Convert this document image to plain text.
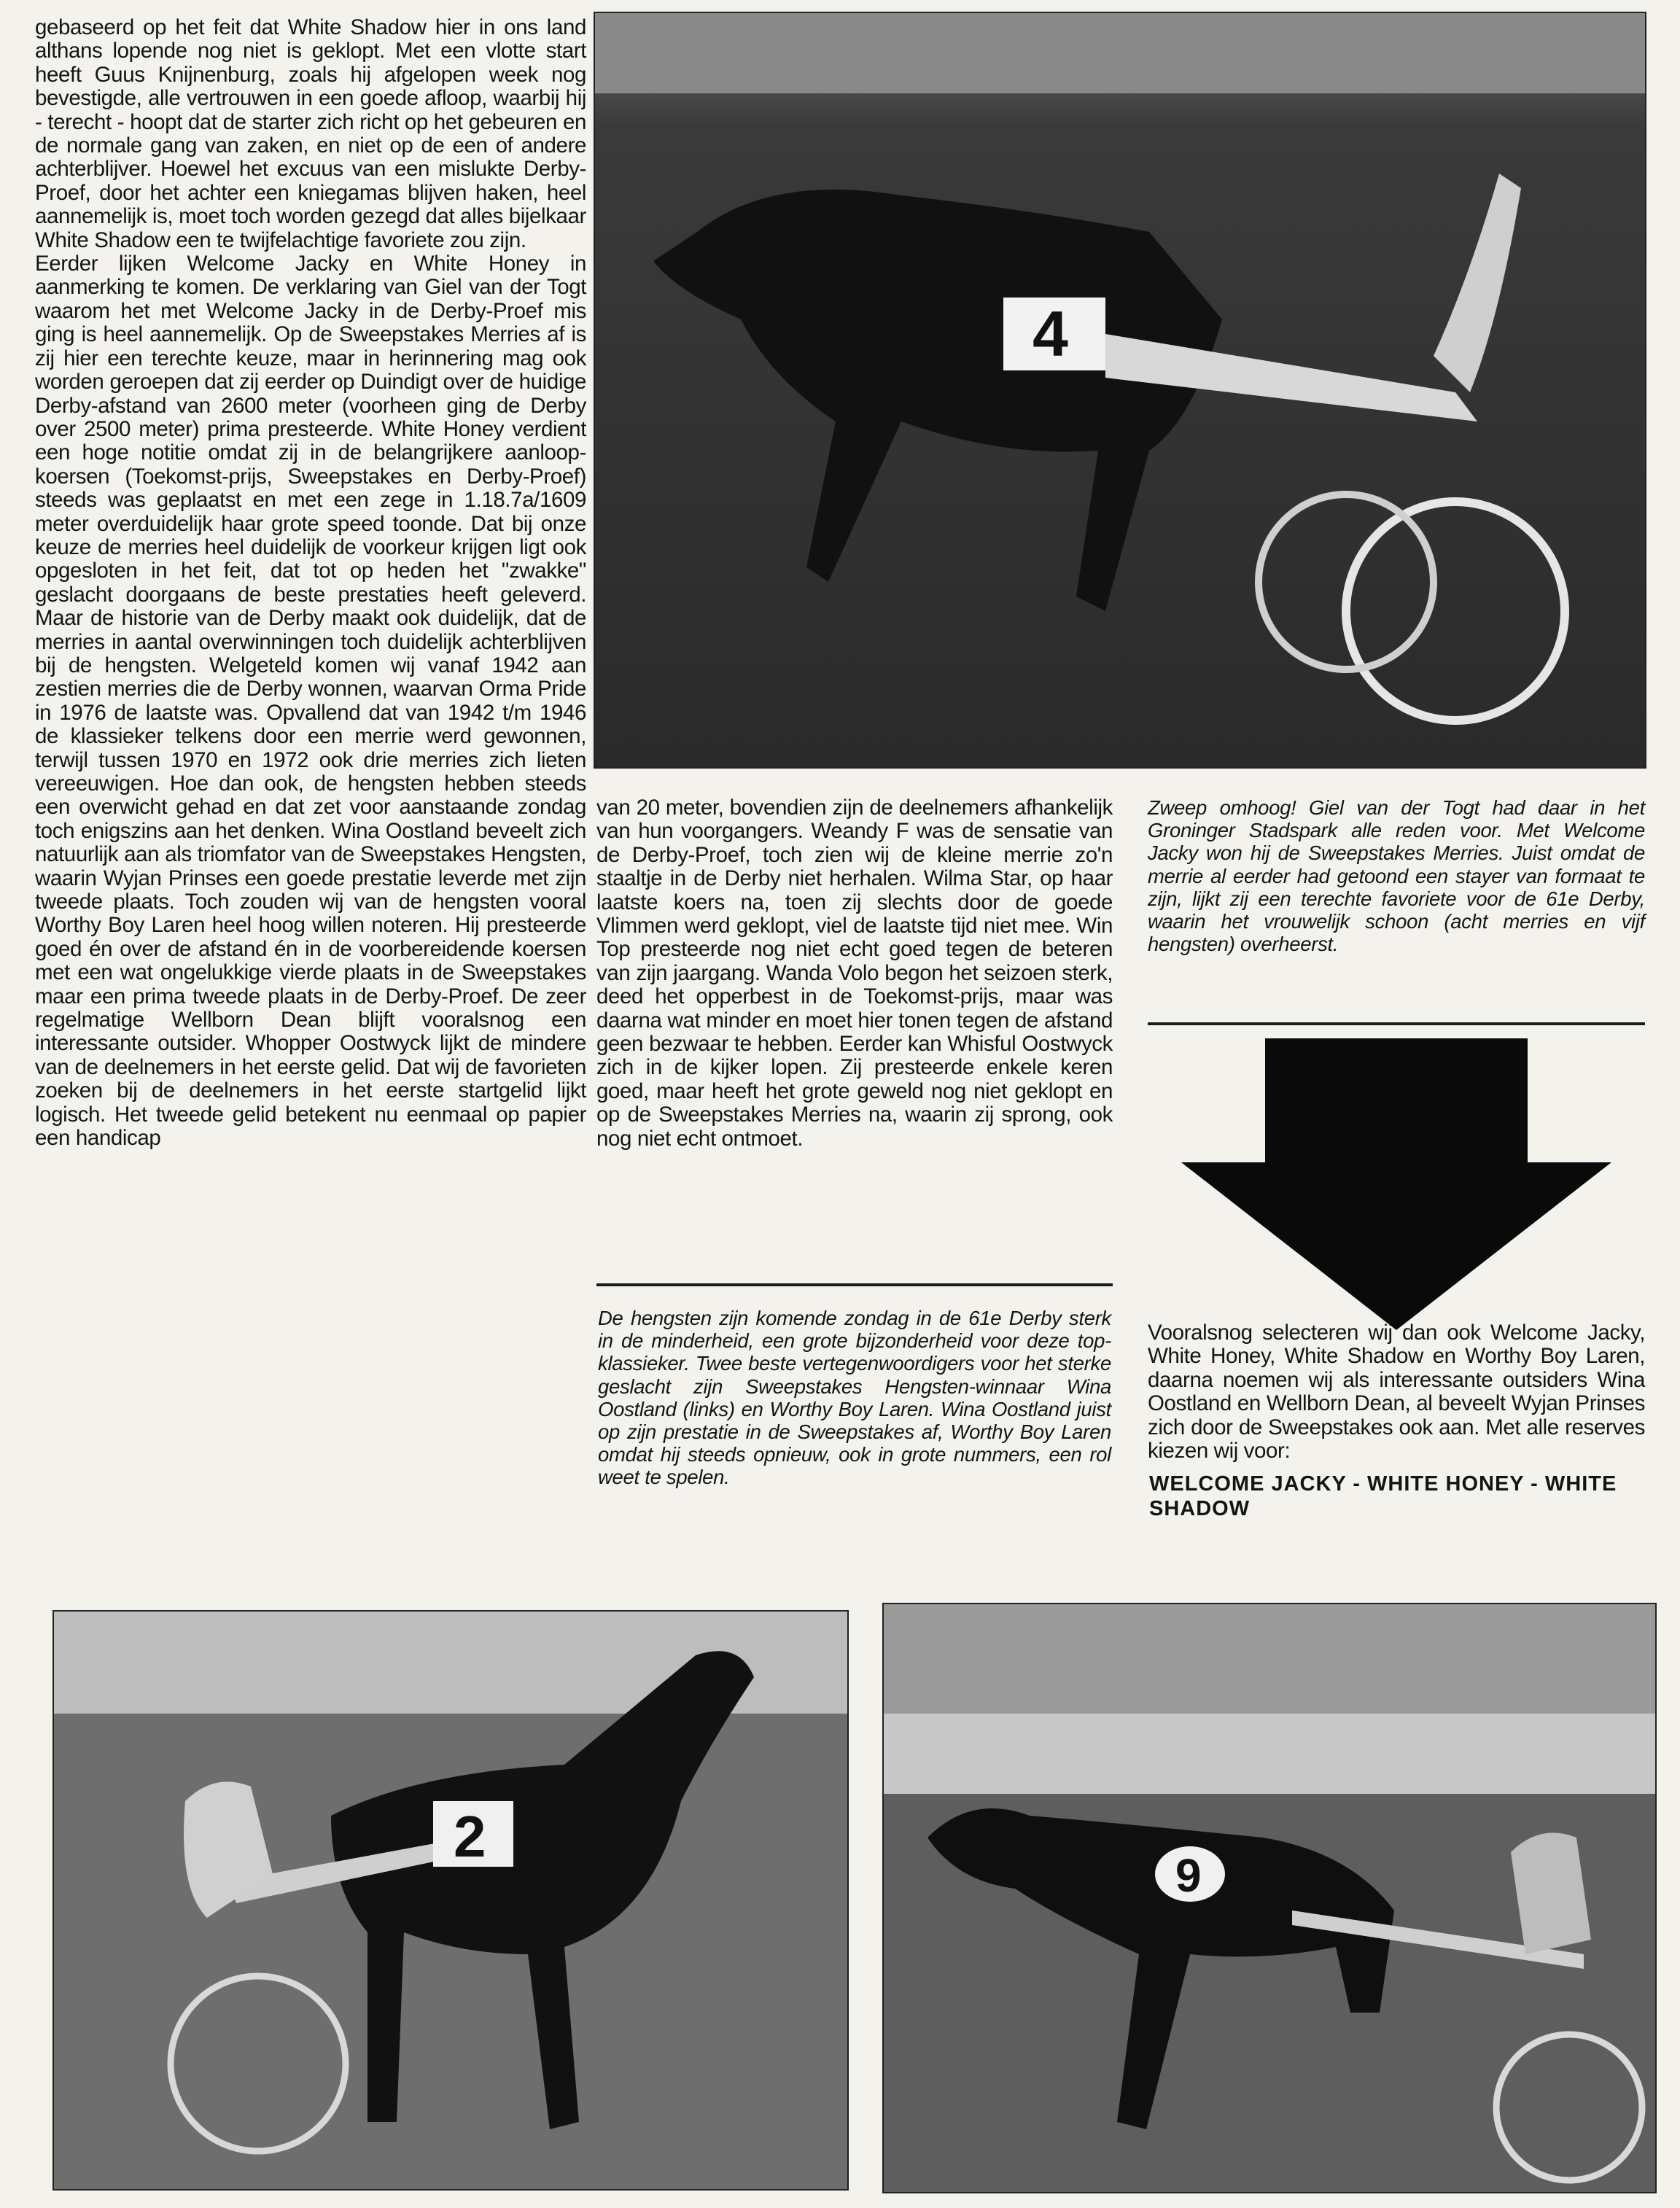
gebaseerd op het feit dat White Shadow hier in ons land althans lopende nog niet is geklopt. Met een vlotte start heeft Guus Knijnenburg, zoals hij afgelopen week nog bevestigde, alle vertrouwen in een goede afloop, waarbij hij - terecht - hoopt dat de starter zich richt op het gebeuren en de normale gang van zaken, en niet op de een of andere achterblijver. Hoewel het excuus van een mislukte Derby-Proef, door het achter een kniegamas blijven haken, heel aannemelijk is, moet toch worden gezegd dat alles bijelkaar White Shadow een te twijfelachtige favoriete zou zijn.

Eerder lijken Welcome Jacky en White Honey in aanmerking te komen. De verklaring van Giel van der Togt waarom het met Welcome Jacky in de Derby-Proef mis ging is heel aannemelijk. Op de Sweepstakes Merries af is zij hier een terechte keuze, maar in herinnering mag ook worden geroepen dat zij eerder op Duindigt over de huidige Derby-afstand van 2600 meter (voorheen ging de Derby over 2500 meter) prima presteerde. White Honey verdient een hoge notitie omdat zij in de belangrijkere aanloop-koersen (Toekomst-prijs, Sweepstakes en Derby-Proef) steeds was geplaatst en met een zege in 1.18.7a/1609 meter overduidelijk haar grote speed toonde. Dat bij onze keuze de merries heel duidelijk de voorkeur krijgen ligt ook opgesloten in het feit, dat tot op heden het "zwakke" geslacht doorgaans de beste prestaties heeft geleverd. Maar de historie van de Derby maakt ook duidelijk, dat de merries in aantal overwinningen toch duidelijk achterblijven bij de hengsten. Welgeteld komen wij vanaf 1942 aan zestien merries die de Derby wonnen, waarvan Orma Pride in 1976 de laatste was. Opvallend dat van 1942 t/m 1946 de klassieker telkens door een merrie werd gewonnen, terwijl tussen 1970 en 1972 ook drie merries zich lieten vereeuwigen. Hoe dan ook, de hengsten hebben steeds een overwicht gehad en dat zet voor aanstaande zondag toch enigszins aan het denken. Wina Oostland beveelt zich natuurlijk aan als triomfator van de Sweepstakes Hengsten, waarin Wyjan Prinses een goede prestatie leverde met zijn tweede plaats. Toch zouden wij van de hengsten vooral Worthy Boy Laren heel hoog willen noteren. Hij presteerde goed én over de afstand én in de voorbereidende koersen met een wat ongelukkige vierde plaats in de Sweepstakes maar een prima tweede plaats in de Derby-Proef. De zeer regelmatige Wellborn Dean blijft vooralsnog een interessante outsider. Whopper Oostwyck lijkt de mindere van de deelnemers in het eerste gelid. Dat wij de favorieten zoeken bij de deelnemers in het eerste startgelid lijkt logisch. Het tweede gelid betekent nu eenmaal op papier een handicap

4
van 20 meter, bovendien zijn de deelnemers afhankelijk van hun voorgangers. Weandy F was de sensatie van de Derby-Proef, toch zien wij de kleine merrie zo'n staaltje in de Derby niet herhalen. Wilma Star, op haar laatste koers na, toen zij slechts door de goede Vlimmen werd geklopt, viel de laatste tijd niet mee. Win Top presteerde nog niet echt goed tegen de beteren van zijn jaargang. Wanda Volo begon het seizoen sterk, deed het opperbest in de Toekomst-prijs, maar was daarna wat minder en moet hier tonen tegen de afstand geen bezwaar te hebben. Eerder kan Whisful Oostwyck zich in de kijker lopen. Zij presteerde enkele keren goed, maar heeft het grote geweld nog niet geklopt en op de Sweepstakes Merries na, waarin zij sprong, ook nog niet echt ontmoet.
De hengsten zijn komende zondag in de 61e Derby sterk in de minderheid, een grote bijzonderheid voor deze top-klassieker. Twee beste vertegenwoordigers voor het sterke geslacht zijn Sweepstakes Hengsten-winnaar Wina Oostland (links) en Worthy Boy Laren. Wina Oostland juist op zijn prestatie in de Sweepstakes af, Worthy Boy Laren omdat hij steeds opnieuw, ook in grote nummers, een rol weet te spelen.
Zweep omhoog! Giel van der Togt had daar in het Groninger Stadspark alle reden voor. Met Welcome Jacky won hij de Sweepstakes Merries. Juist omdat de merrie al eerder had getoond een stayer van formaat te zijn, lijkt zij een terechte favoriete voor de 61e Derby, waarin het vrouwelijk schoon (acht merries en vijf hengsten) overheerst.
Vooralsnog selecteren wij dan ook Welcome Jacky, White Honey, White Shadow en Worthy Boy Laren, daarna noemen wij als interessante outsiders Wina Oostland en Wellborn Dean, al beveelt Wyjan Prinses zich door de Sweepstakes ook aan. Met alle reserves kiezen wij voor:
WELCOME JACKY - WHITE HONEY - WHITE SHADOW
2
9
